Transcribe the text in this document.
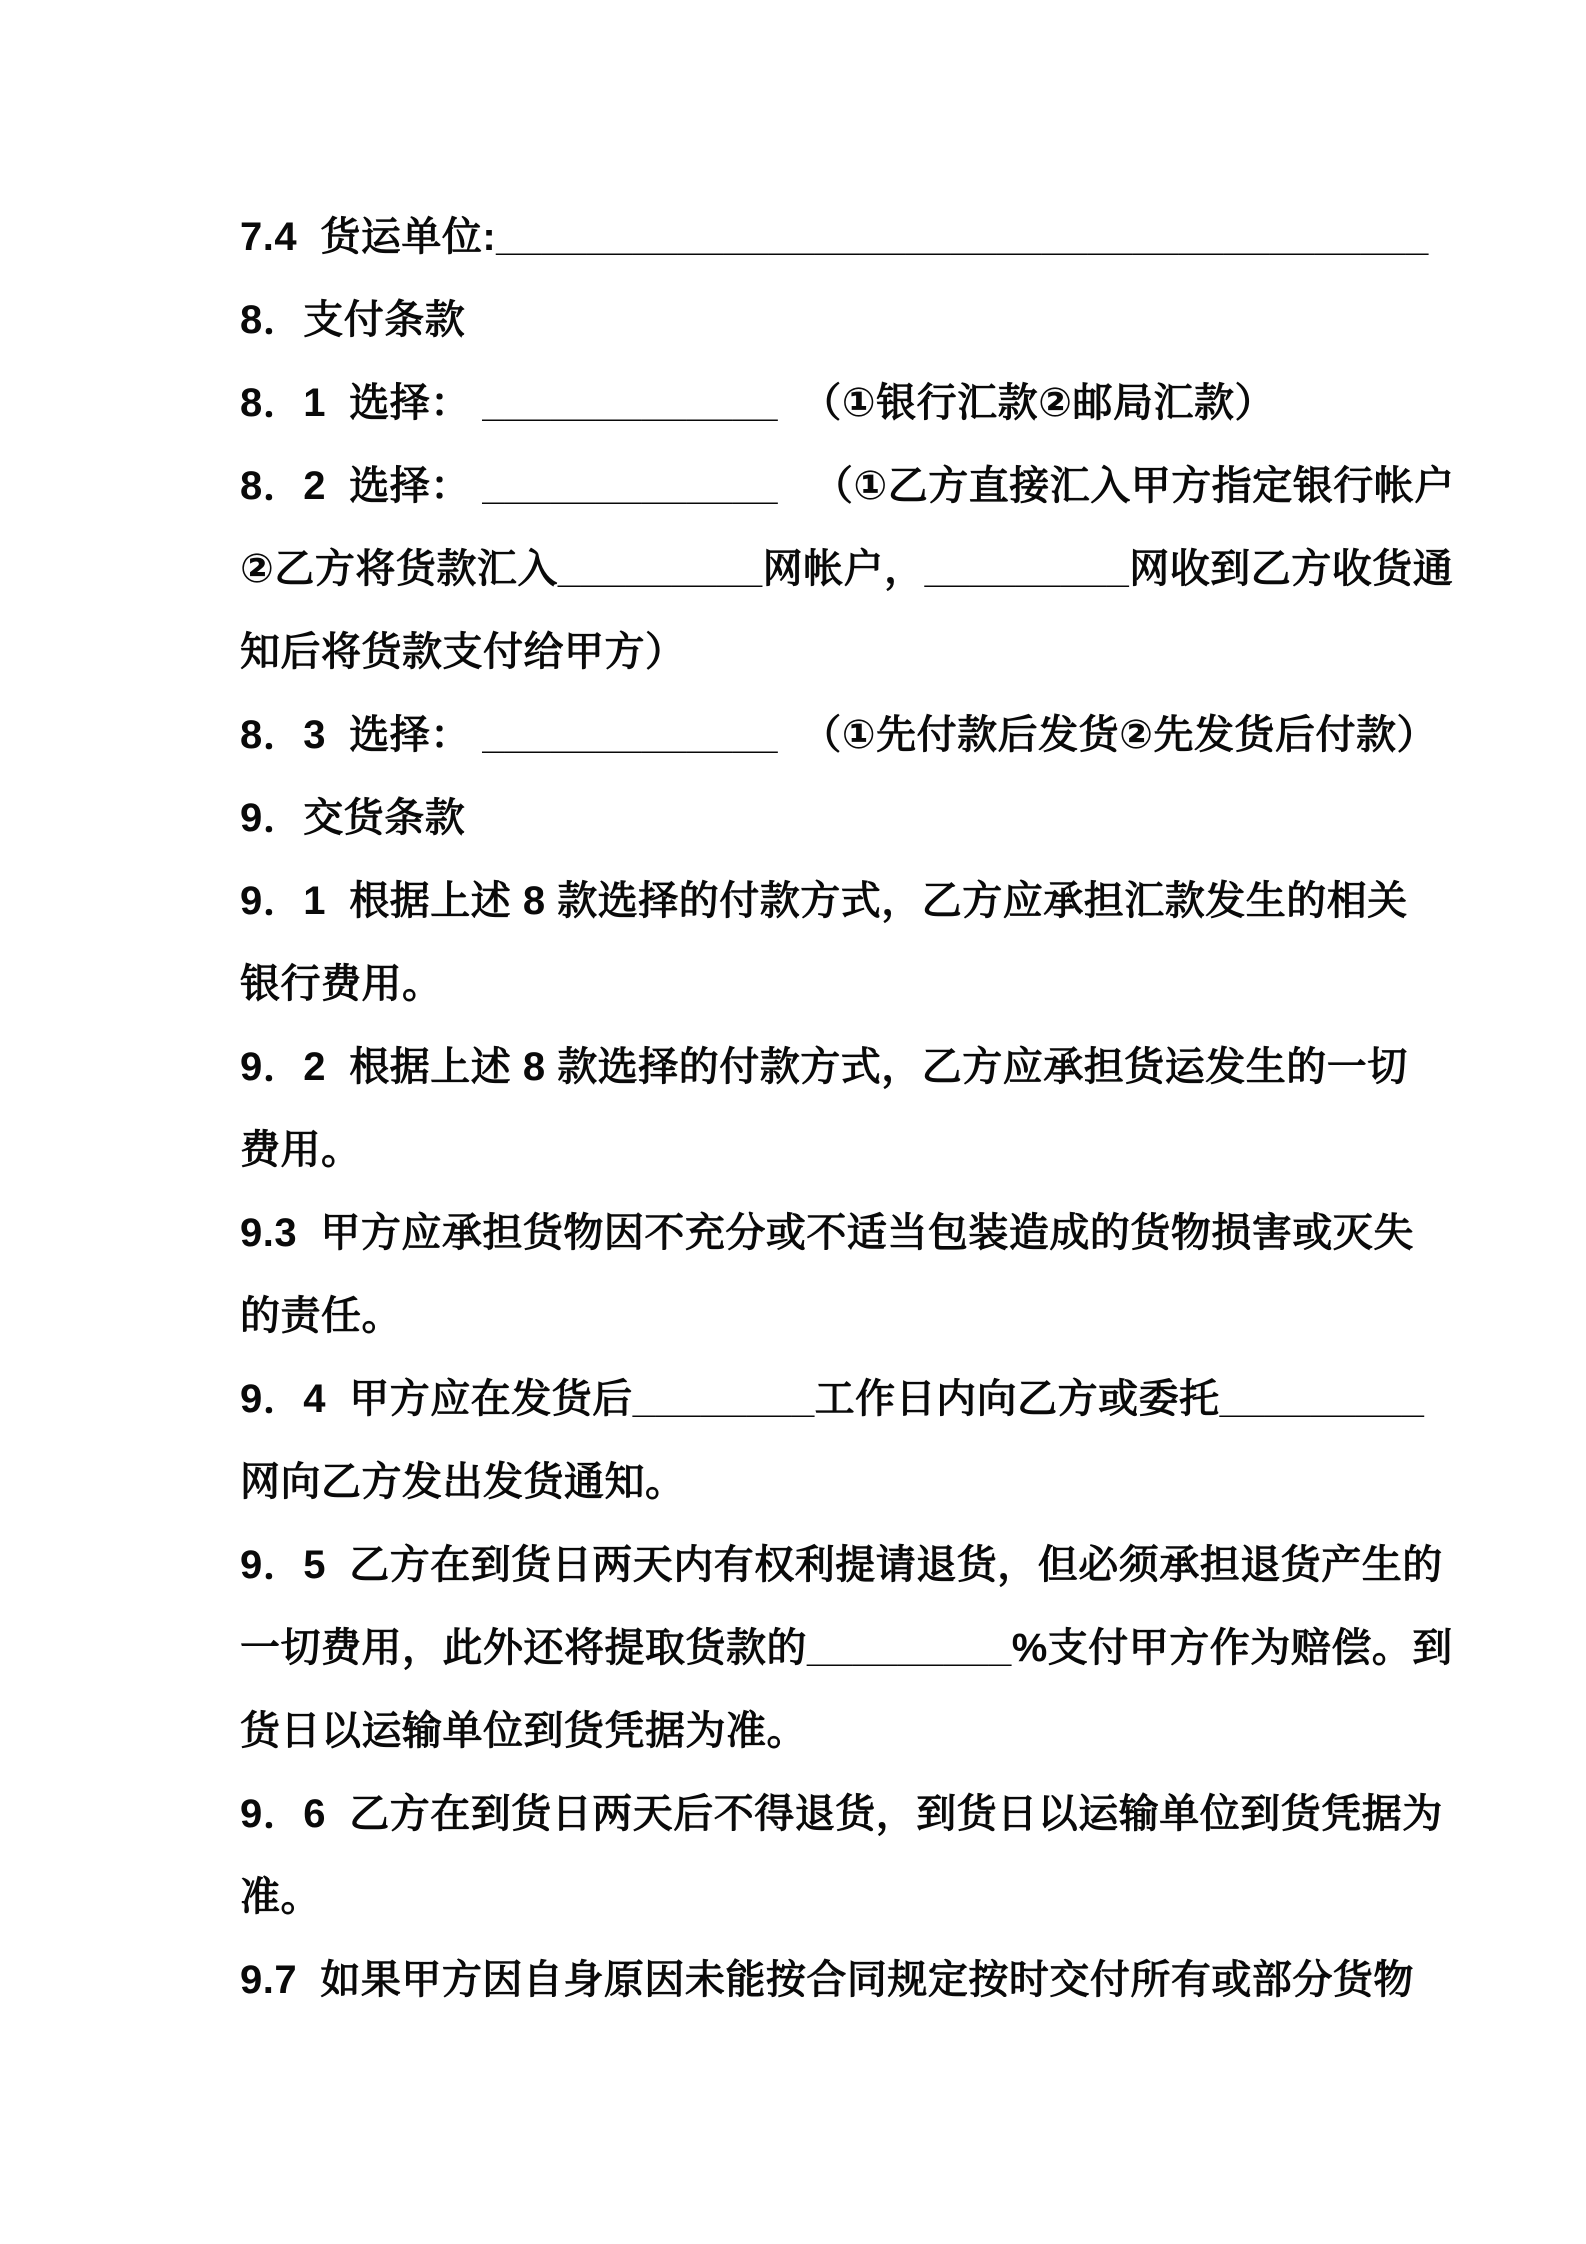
7.4  货运单位:_________________________________________

8．支付条款

8．1  选择： _____________  （①银行汇款②邮局汇款）

8．2  选择： _____________   （①乙方直接汇入甲方指定银行帐户

②乙方将货款汇入_________网帐户，_________网收到乙方收货通

知后将货款支付给甲方）

8．3  选择： _____________  （①先付款后发货②先发货后付款）

9．交货条款

9．1  根据上述 8 款选择的付款方式，乙方应承担汇款发生的相关

银行费用。

9．2  根据上述 8 款选择的付款方式，乙方应承担货运发生的一切

费用。

9.3  甲方应承担货物因不充分或不适当包装造成的货物损害或灭失

的责任。

9．4  甲方应在发货后________工作日内向乙方或委托_________

网向乙方发出发货通知。

9．5  乙方在到货日两天内有权利提请退货，但必须承担退货产生的

一切费用，此外还将提取货款的_________%支付甲方作为赔偿。到

货日以运输单位到货凭据为准。

9．6  乙方在到货日两天后不得退货，到货日以运输单位到货凭据为

准。

9.7  如果甲方因自身原因未能按合同规定按时交付所有或部分货物
